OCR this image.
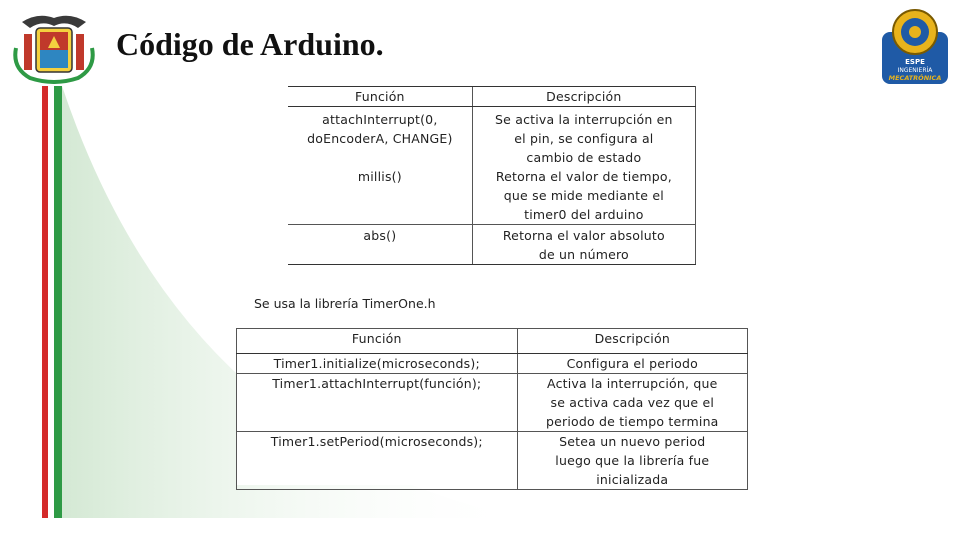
Código de Arduino.	ESPE
INGENIERÍA
MECATRÓNICA
Función	Descripción

attachInterrupt(0,
doEncoderA, CHANGE)	Se activa la interrupción en
el pin, se configura al
cambio de estado

millis()	Retorna el valor de tiempo,
que se mide mediante el
timer0 del arduino

abs()	Retorna el valor absoluto
de un número
Se usa la librería TimerOne.h
Función	Descripción

Timer1.initialize(microseconds);	Configura el periodo

Timer1.attachInterrupt(función);	Activa la interrupción, que
se activa cada vez que el
periodo de tiempo termina

Timer1.setPeriod(microseconds);	Setea un nuevo period
luego que la librería fue
inicializada
